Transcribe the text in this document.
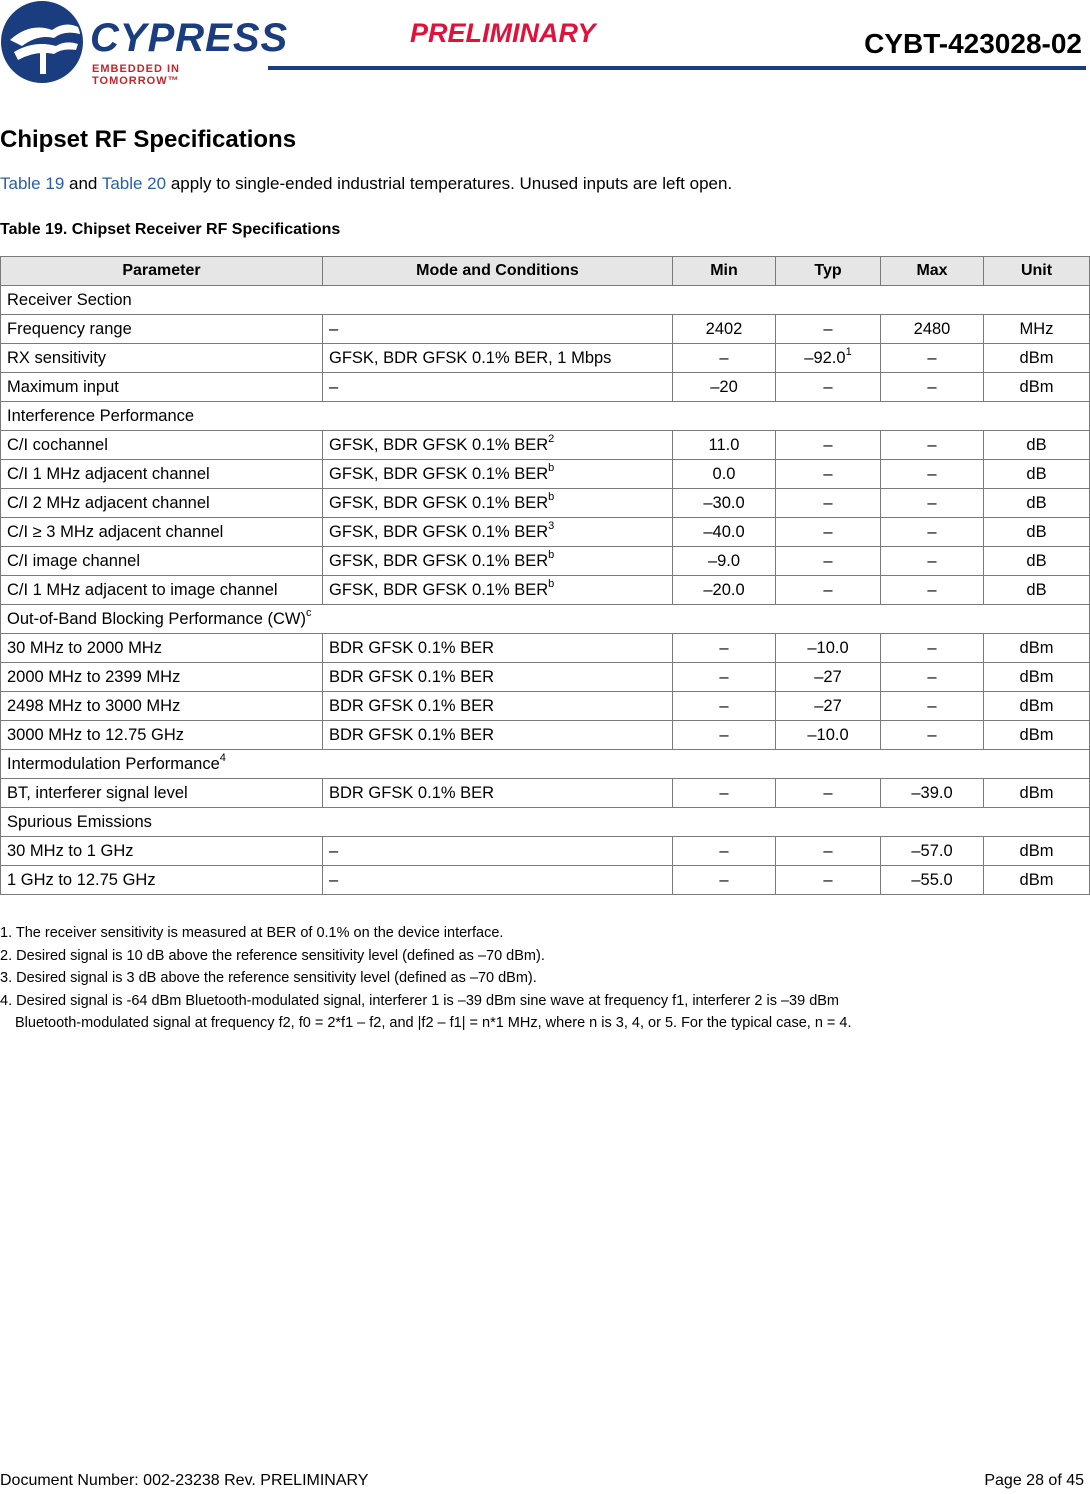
CYPRESS
EMBEDDED IN TOMORROW™
PRELIMINARY	CYBT-423028-02
Chipset RF Specifications
Table 19 and Table 20 apply to single-ended industrial temperatures. Unused inputs are left open.
Table 19. Chipset Receiver RF Specifications
Parameter	Mode and Conditions	Min	Typ	Max	Unit
Receiver Section					
Frequency range	–	2402	–	2480	MHz
RX sensitivity	GFSK, BDR GFSK 0.1% BER, 1 Mbps	–	–92.0$^1$	–	dBm
Maximum input	–	–20	–	–	dBm
Interference Performance					
C/I cochannel	GFSK, BDR GFSK 0.1% BER$^2$	11.0	–	–	dB
C/I 1 MHz adjacent channel	GFSK, BDR GFSK 0.1% BER$^b$	0.0	–	–	dB
C/I 2 MHz adjacent channel	GFSK, BDR GFSK 0.1% BER$^b$	–30.0	–	–	dB
C/I ≥ 3 MHz adjacent channel	GFSK, BDR GFSK 0.1% BER$^3$	–40.0	–	–	dB
C/I image channel	GFSK, BDR GFSK 0.1% BER$^b$	–9.0	–	–	dB
C/I 1 MHz adjacent to image channel	GFSK, BDR GFSK 0.1% BER$^b$	–20.0	–	–	dB
Out-of-Band Blocking Performance (CW)$^c$
30 MHz to 2000 MHz	BDR GFSK 0.1% BER	–	–10.0	–	dBm
2000 MHz to 2399 MHz	BDR GFSK 0.1% BER	–	–27	–	dBm
2498 MHz to 3000 MHz	BDR GFSK 0.1% BER	–	–27	–	dBm
3000 MHz to 12.75 GHz	BDR GFSK 0.1% BER	–	–10.0	–	dBm
Intermodulation Performance$^4$
BT, interferer signal level	BDR GFSK 0.1% BER	–	–	–39.0	dBm
Spurious Emissions					
30 MHz to 1 GHz	–	–	–	–57.0	dBm
1 GHz to 12.75 GHz	–	–	–	–55.0	dBm
1. The receiver sensitivity is measured at BER of 0.1% on the device interface.
2. Desired signal is 10 dB above the reference sensitivity level (defined as –70 dBm).
3. Desired signal is 3 dB above the reference sensitivity level (defined as –70 dBm).
4. Desired signal is -64 dBm Bluetooth-modulated signal, interferer 1 is –39 dBm sine wave at frequency f1, interferer 2 is –39 dBm
Bluetooth-modulated signal at frequency f2, f0 = 2*f1 – f2, and |f2 – f1| = n*1 MHz, where n is 3, 4, or 5. For the typical case, n = 4.
Document Number: 002-23238 Rev. PRELIMINARY	Page 28 of 45
